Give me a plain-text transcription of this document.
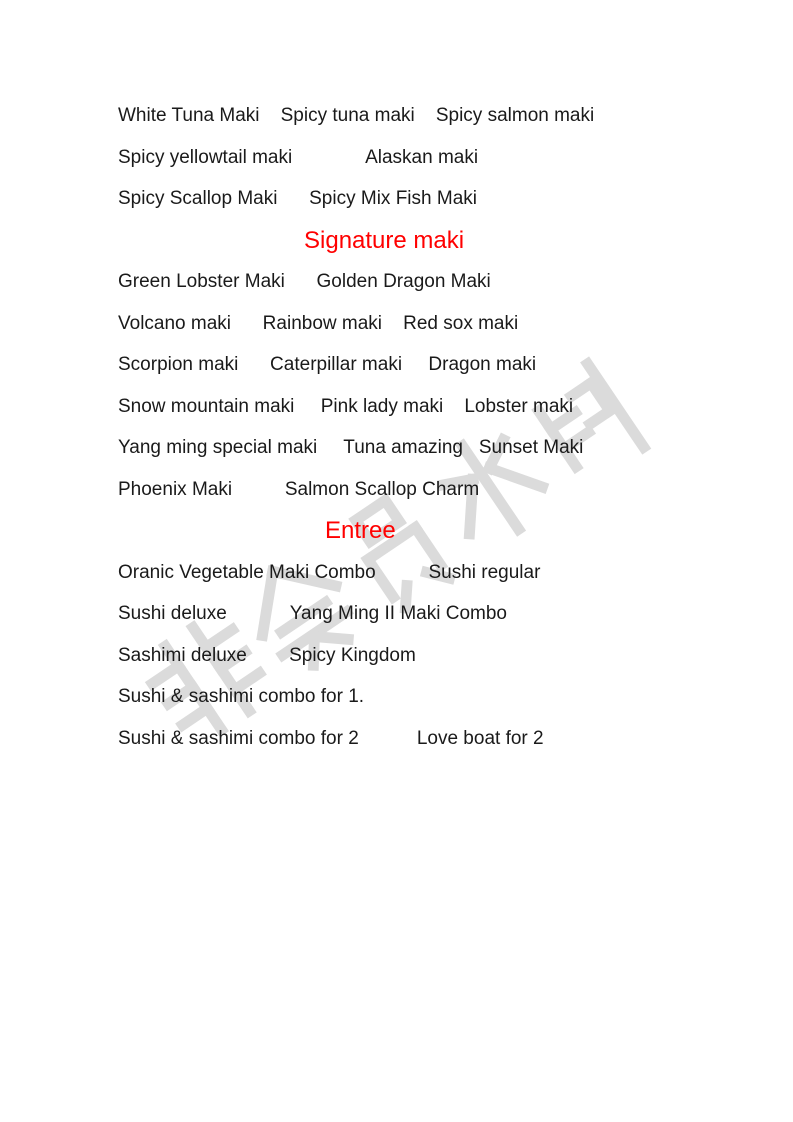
White Tuna Maki    Spicy tuna maki    Spicy salmon maki
Spicy yellowtail maki              Alaskan maki
Spicy Scallop Maki      Spicy Mix Fish Maki
Signature maki
Green Lobster Maki      Golden Dragon Maki
Volcano maki      Rainbow maki    Red sox maki
Scorpion maki      Caterpillar maki     Dragon maki
Snow mountain maki     Pink lady maki    Lobster maki
Yang ming special maki     Tuna amazing   Sunset Maki
Phoenix Maki          Salmon Scallop Charm
Entree
Oranic Vegetable Maki Combo          Sushi regular
Sushi deluxe            Yang Ming II Maki Combo
Sashimi deluxe        Spicy Kingdom
Sushi & sashimi combo for 1.
Sushi & sashimi combo for 2           Love boat for 2
